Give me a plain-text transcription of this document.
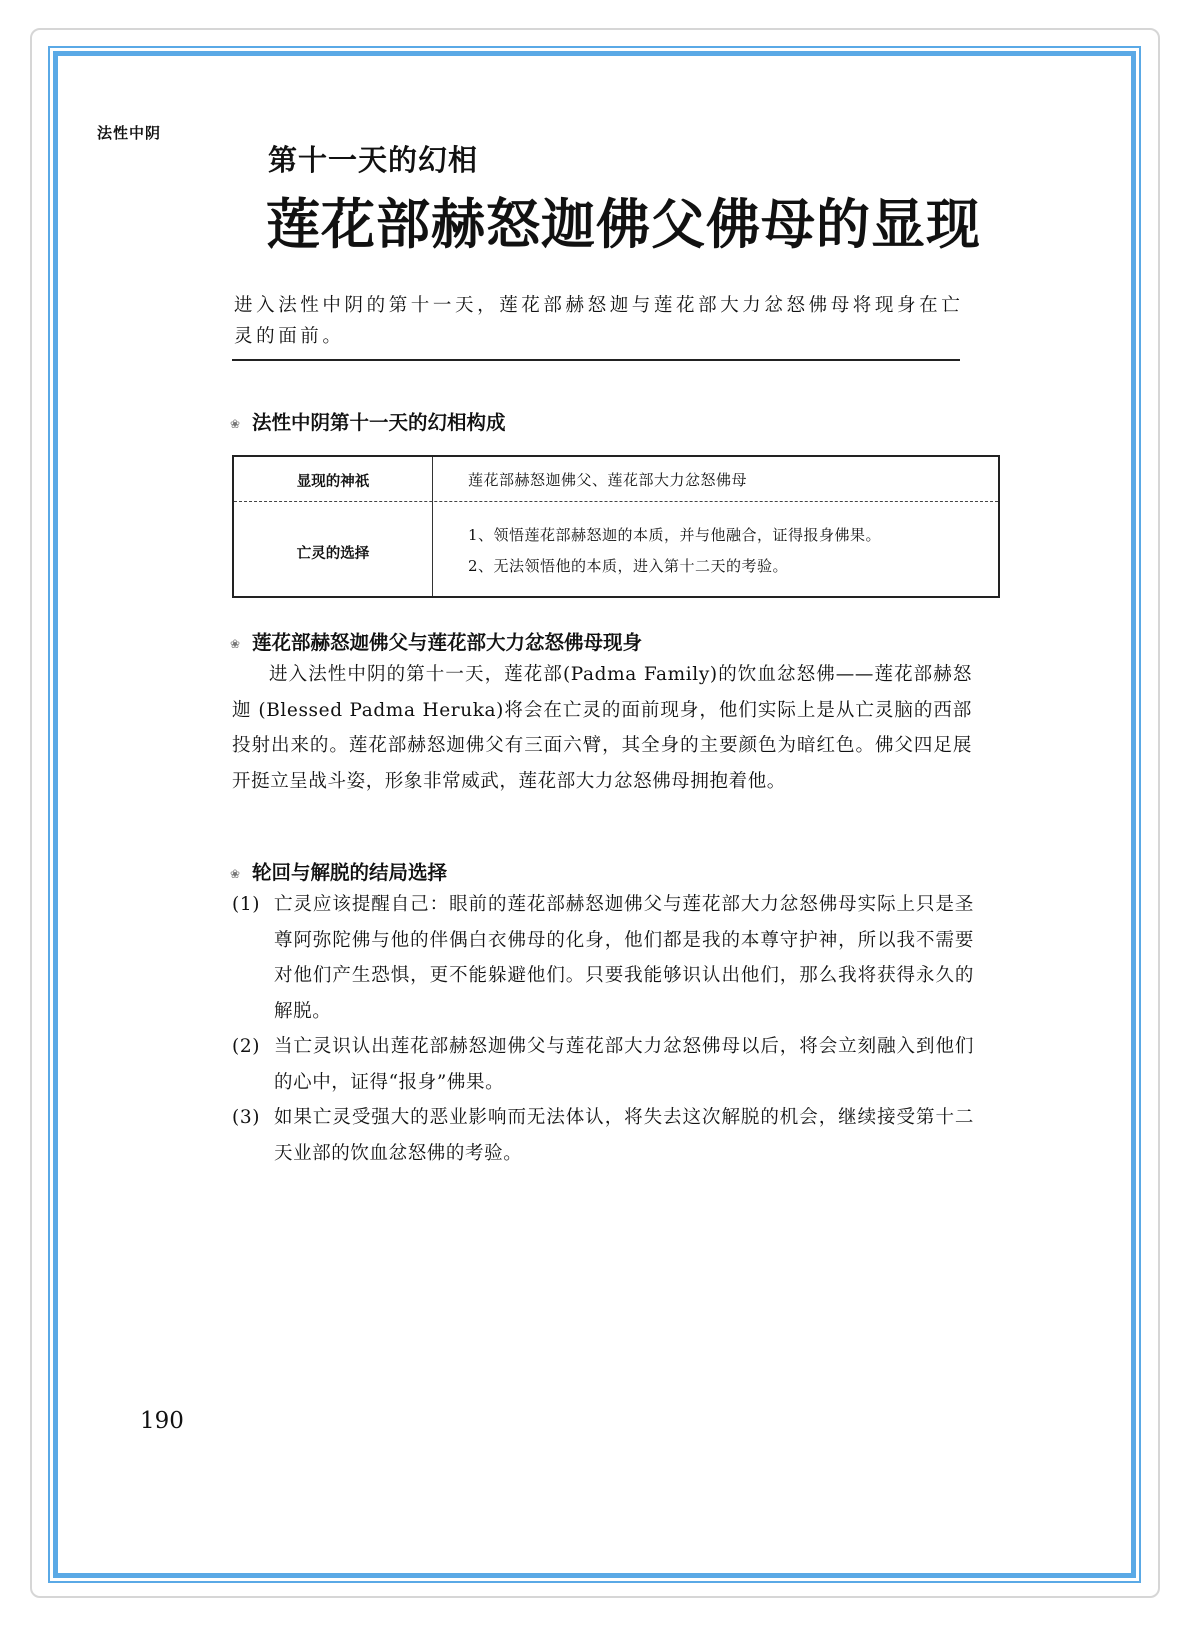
法性中阴
第十一天的幻相
莲花部赫怒迦佛父佛母的显现
进入法性中阴的第十一天，莲花部赫怒迦与莲花部大力忿怒佛母将现身在亡灵的面前。
❀ 法性中阴第十一天的幻相构成
显现的神祇	莲花部赫怒迦佛父、莲花部大力忿怒佛母
亡灵的选择
1、领悟莲花部赫怒迦的本质，并与他融合，证得报身佛果。
2、无法领悟他的本质，进入第十二天的考验。
❀ 莲花部赫怒迦佛父与莲花部大力忿怒佛母现身

进入法性中阴的第十一天，莲花部(Padma Family)的饮血忿怒佛——莲花部赫怒迦 (Blessed Padma Heruka)将会在亡灵的面前现身，他们实际上是从亡灵脑的西部投射出来的。莲花部赫怒迦佛父有三面六臂，其全身的主要颜色为暗红色。佛父四足展开挺立呈战斗姿，形象非常威武，莲花部大力忿怒佛母拥抱着他。

❀ 轮回与解脱的结局选择
(1) 亡灵应该提醒自己：眼前的莲花部赫怒迦佛父与莲花部大力忿怒佛母实际上只是圣尊阿弥陀佛与他的伴偶白衣佛母的化身，他们都是我的本尊守护神，所以我不需要对他们产生恐惧，更不能躲避他们。只要我能够识认出他们，那么我将获得永久的解脱。
(2) 当亡灵识认出莲花部赫怒迦佛父与莲花部大力忿怒佛母以后，将会立刻融入到他们的心中，证得“报身”佛果。
(3) 如果亡灵受强大的恶业影响而无法体认，将失去这次解脱的机会，继续接受第十二天业部的饮血忿怒佛的考验。
190
